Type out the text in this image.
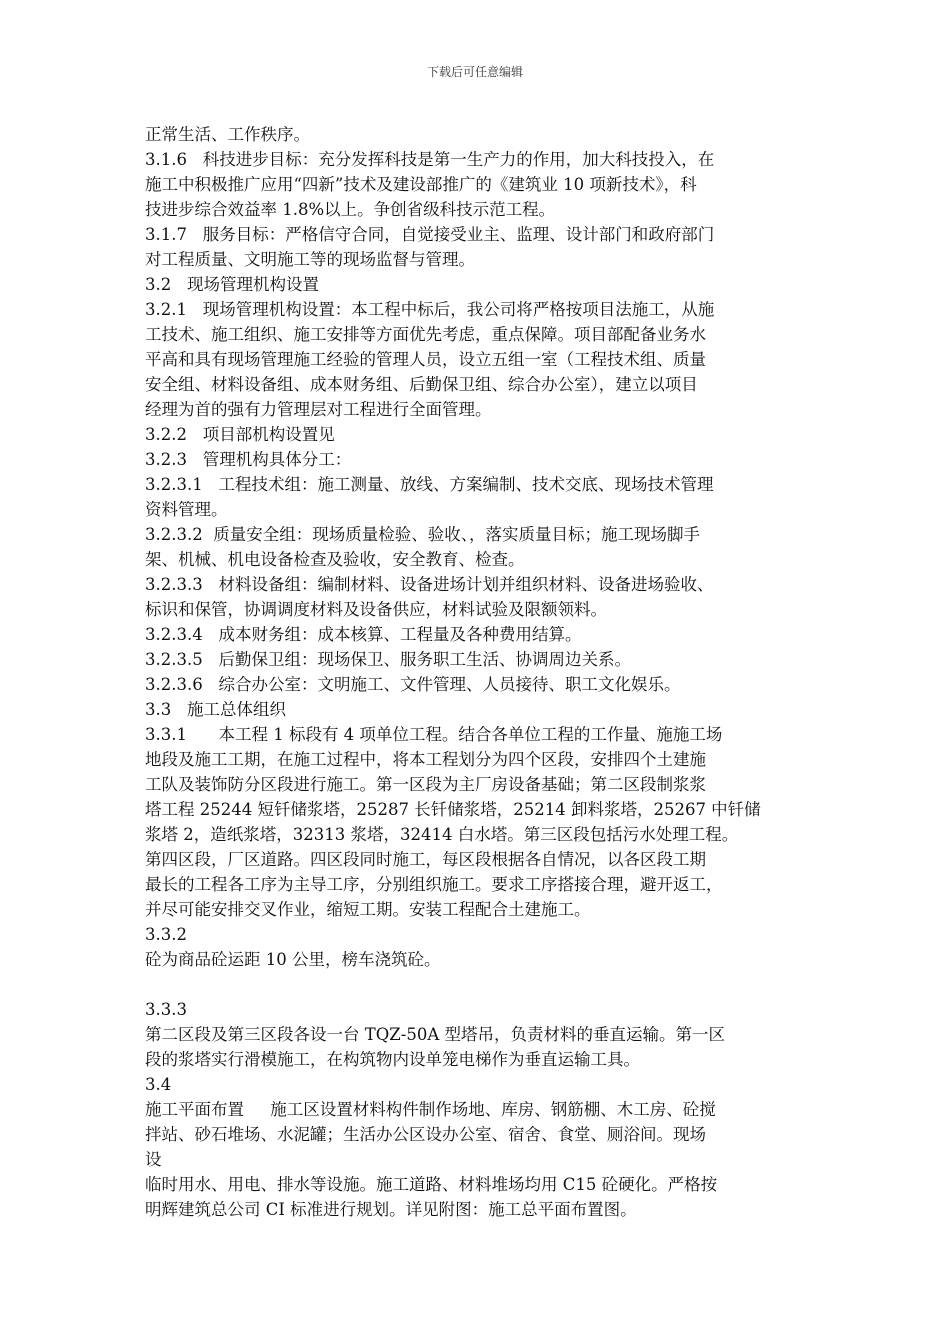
下载后可任意编辑
正常生活、工作秩序。
3.1.6   科技进步目标：充分发挥科技是第一生产力的作用，加大科技投入，在
施工中积极推广应用“四新”技术及建设部推广的《建筑业 10 项新技术》，科
技进步综合效益率 1.8%以上。争创省级科技示范工程。
3.1.7   服务目标：严格信守合同，自觉接受业主、监理、设计部门和政府部门
对工程质量、文明施工等的现场监督与管理。
3.2   现场管理机构设置
3.2.1   现场管理机构设置：本工程中标后，我公司将严格按项目法施工，从施
工技术、施工组织、施工安排等方面优先考虑，重点保障。项目部配备业务水
平高和具有现场管理施工经验的管理人员，设立五组一室（工程技术组、质量
安全组、材料设备组、成本财务组、后勤保卫组、综合办公室），建立以项目
经理为首的强有力管理层对工程进行全面管理。
3.2.2   项目部机构设置见
3.2.3   管理机构具体分工：
3.2.3.1   工程技术组：施工测量、放线、方案编制、技术交底、现场技术管理
资料管理。
3.2.3.2  质量安全组：现场质量检验、验收、，落实质量目标；施工现场脚手
架、机械、机电设备检查及验收，安全教育、检查。
3.2.3.3   材料设备组：编制材料、设备进场计划并组织材料、设备进场验收、
标识和保管，协调调度材料及设备供应，材料试验及限额领料。
3.2.3.4   成本财务组：成本核算、工程量及各种费用结算。
3.2.3.5   后勤保卫组：现场保卫、服务职工生活、协调周边关系。
3.2.3.6   综合办公室：文明施工、文件管理、人员接待、职工文化娱乐。
3.3   施工总体组织
3.3.1      本工程 1 标段有 4 项单位工程。结合各单位工程的工作量、施施工场
地段及施工工期，在施工过程中，将本工程划分为四个区段，安排四个土建施
工队及装饰防分区段进行施工。第一区段为主厂房设备基础；第二区段制浆浆
塔工程 25244 短钎储浆塔，25287 长钎储浆塔，25214 卸料浆塔，25267 中钎储
浆塔 2，造纸浆塔，32313 浆塔，32414 白水塔。第三区段包括污水处理工程。
第四区段，厂区道路。四区段同时施工，每区段根据各自情况，以各区段工期
最长的工程各工序为主导工序，分别组织施工。要求工序搭接合理，避开返工，
并尽可能安排交叉作业，缩短工期。安装工程配合土建施工。
3.3.2
砼为商品砼运距 10 公里，榜车浇筑砼。
3.3.3
第二区段及第三区段各设一台 TQZ-50A 型塔吊，负责材料的垂直运输。第一区
段的浆塔实行滑模施工，在构筑物内设单笼电梯作为垂直运输工具。
3.4
施工平面布置     施工区设置材料构件制作场地、库房、钢筋棚、木工房、砼搅
拌站、砂石堆场、水泥罐；生活办公区设办公室、宿舍、食堂、厕浴间。现场
设
临时用水、用电、排水等设施。施工道路、材料堆场均用 C15 砼硬化。严格按
明辉建筑总公司 CI 标准进行规划。详见附图：施工总平面布置图。
